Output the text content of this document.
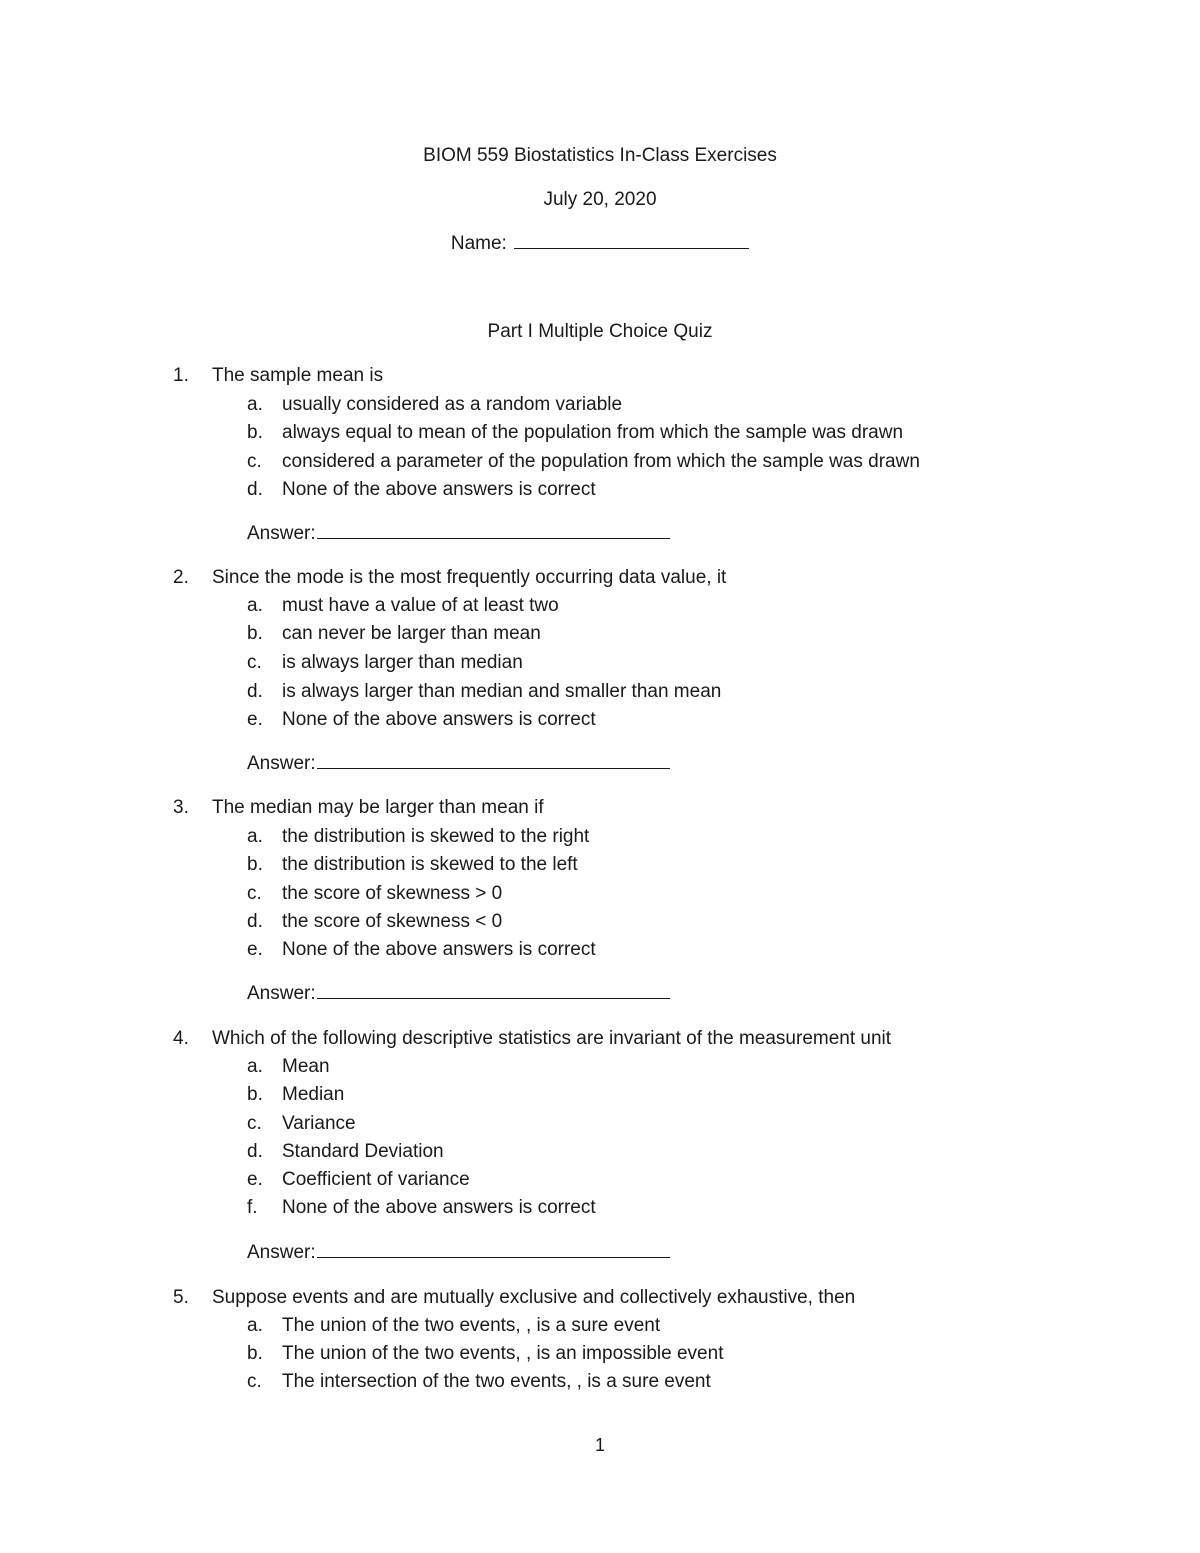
BIOM 559 Biostatistics In-Class Exercises
July 20, 2020
Name:
Part I Multiple Choice Quiz
1.	The sample mean is
a.	usually considered as a random variable
b.	always equal to mean of the population from which the sample was drawn
c.	considered a parameter of the population from which the sample was drawn
d.	None of the above answers is correct
Answer:
2.	Since the mode is the most frequently occurring data value, it
a.	must have a value of at least two
b.	can never be larger than mean
c.	is always larger than median
d.	is always larger than median and smaller than mean
e.	None of the above answers is correct
Answer:
3.	The median may be larger than mean if
a.	the distribution is skewed to the right
b.	the distribution is skewed to the left
c.	the score of skewness > 0
d.	the score of skewness < 0
e.	None of the above answers is correct
Answer:
4.	Which of the following descriptive statistics are invariant of the measurement unit
a.	Mean
b.	Median
c.	Variance
d.	Standard Deviation
e.	Coefficient of variance
f.	None of the above answers is correct
Answer:
5.	Suppose events and are mutually exclusive and collectively exhaustive, then
a.	The union of the two events, , is a sure event
b.	The union of the two events, , is an impossible event
c.	The intersection of the two events, , is a sure event
1
